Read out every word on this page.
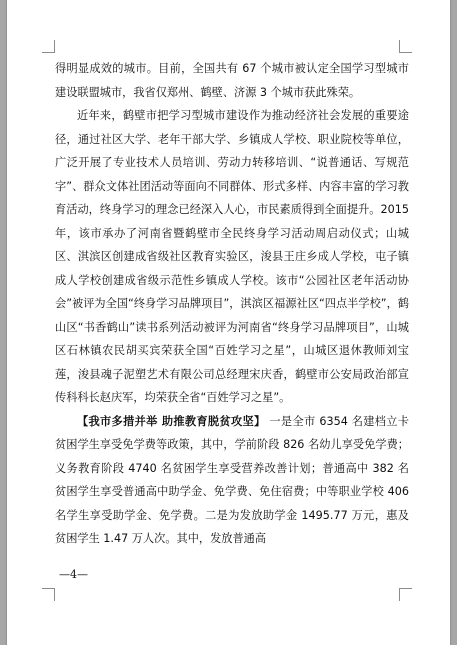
得明显成效的城市。目前，全国共有 67 个城市被认定全国学习型城市建设联盟城市，我省仅郑州、鹤壁、济源 3 个城市获此殊荣。

近年来，鹤壁市把学习型城市建设作为推动经济社会发展的重要途径，通过社区大学、老年干部大学、乡镇成人学校、职业院校等单位，广泛开展了专业技术人员培训、劳动力转移培训、“说普通话、写规范字”、群众文体社团活动等面向不同群体、形式多样、内容丰富的学习教育活动，终身学习的理念已经深入人心，市民素质得到全面提升。2015 年，该市承办了河南省暨鹤壁市全民终身学习活动周启动仪式；山城区、淇滨区创建成省级社区教育实验区，浚县王庄乡成人学校，屯子镇成人学校创建成省级示范性乡镇成人学校。该市“公园社区老年活动协会”被评为全国“终身学习品牌项目”，淇滨区福源社区“四点半学校”，鹤山区“书香鹤山”读书系列活动被评为河南省“终身学习品牌项目”，山城区石林镇农民胡买宾荣获全国“百姓学习之星”，山城区退休教师刘宝莲，浚县魂子泥塑艺术有限公司总经理宋庆香，鹤壁市公安局政治部宣传科科长赵庆军，均荣获全省“百姓学习之星”。

【我市多措并举 助推教育脱贫攻坚】 一是全市 6354 名建档立卡贫困学生享受免学费等政策，其中，学前阶段 826 名幼儿享受免学费；义务教育阶段 4740 名贫困学生享受营养改善计划；普通高中 382 名贫困学生享受普通高中助学金、免学费、免住宿费；中等职业学校 406 名学生享受助学金、免学费。二是为发放助学金 1495.77 万元，惠及贫困学生 1.47 万人次。其中，发放普通高

—4—
